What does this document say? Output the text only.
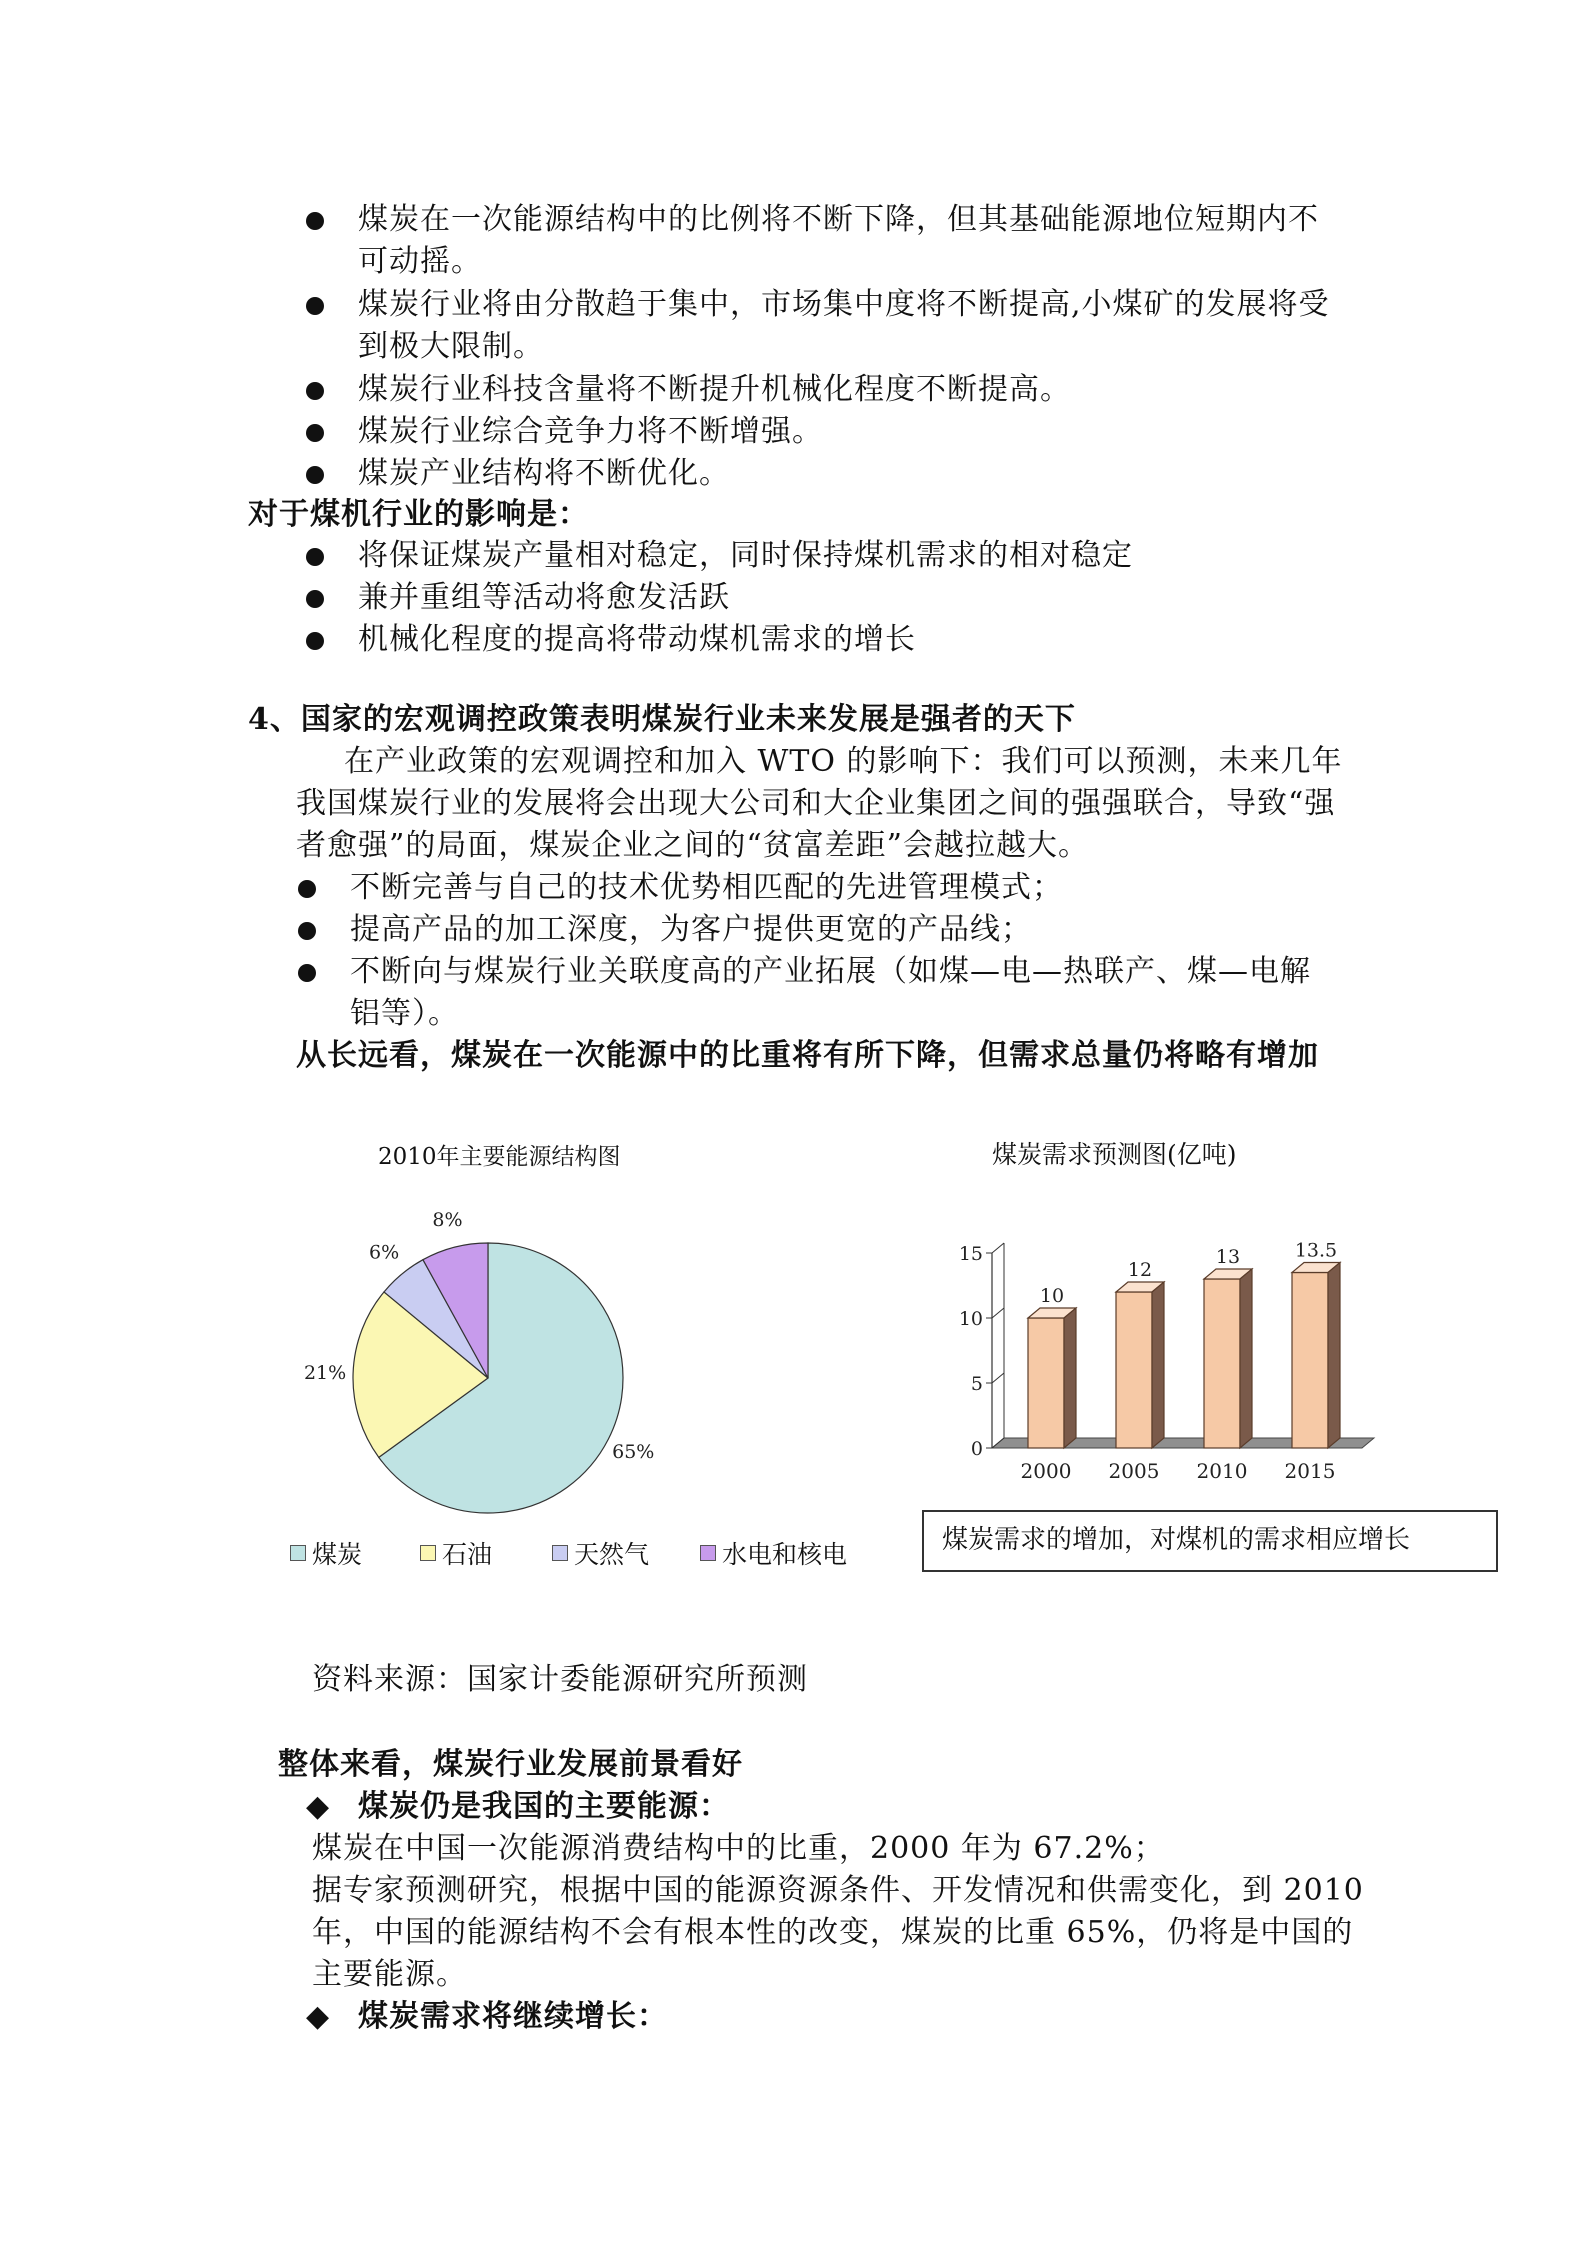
煤炭在一次能源结构中的比例将不断下降，但其基础能源地位短期内不
可动摇。
煤炭行业将由分散趋于集中，市场集中度将不断提高,小煤矿的发展将受
到极大限制。
煤炭行业科技含量将不断提升机械化程度不断提高。
煤炭行业综合竞争力将不断增强。
煤炭产业结构将不断优化。
对于煤机行业的影响是：
将保证煤炭产量相对稳定，同时保持煤机需求的相对稳定
兼并重组等活动将愈发活跃
机械化程度的提高将带动煤机需求的增长
4、国家的宏观调控政策表明煤炭行业未来发展是强者的天下
在产业政策的宏观调控和加入 WTO 的影响下：我们可以预测，未来几年
我国煤炭行业的发展将会出现大公司和大企业集团之间的强强联合，导致“强
者愈强”的局面，煤炭企业之间的“贫富差距”会越拉越大。
不断完善与自己的技术优势相匹配的先进管理模式；
提高产品的加工深度，为客户提供更宽的产品线；
不断向与煤炭行业关联度高的产业拓展（如煤—电—热联产、煤—电解
铝等）。
从长远看，煤炭在一次能源中的比重将有所下降，但需求总量仍将略有增加
2010年主要能源结构图
65%
21%
6%
8%
煤炭	石油	天然气	水电和核电
煤炭需求预测图(亿吨)
0
5
10
15
10
2000
12
2005
13
2010
13.5
2015
煤炭需求的增加，对煤机的需求相应增长
资料来源：国家计委能源研究所预测
整体来看，煤炭行业发展前景看好
◆ 煤炭仍是我国的主要能源：
煤炭在中国一次能源消费结构中的比重，2000 年为 67.2%；
据专家预测研究，根据中国的能源资源条件、开发情况和供需变化，到 2010
年，中国的能源结构不会有根本性的改变，煤炭的比重 65%，仍将是中国的
主要能源。
◆ 煤炭需求将继续增长：
